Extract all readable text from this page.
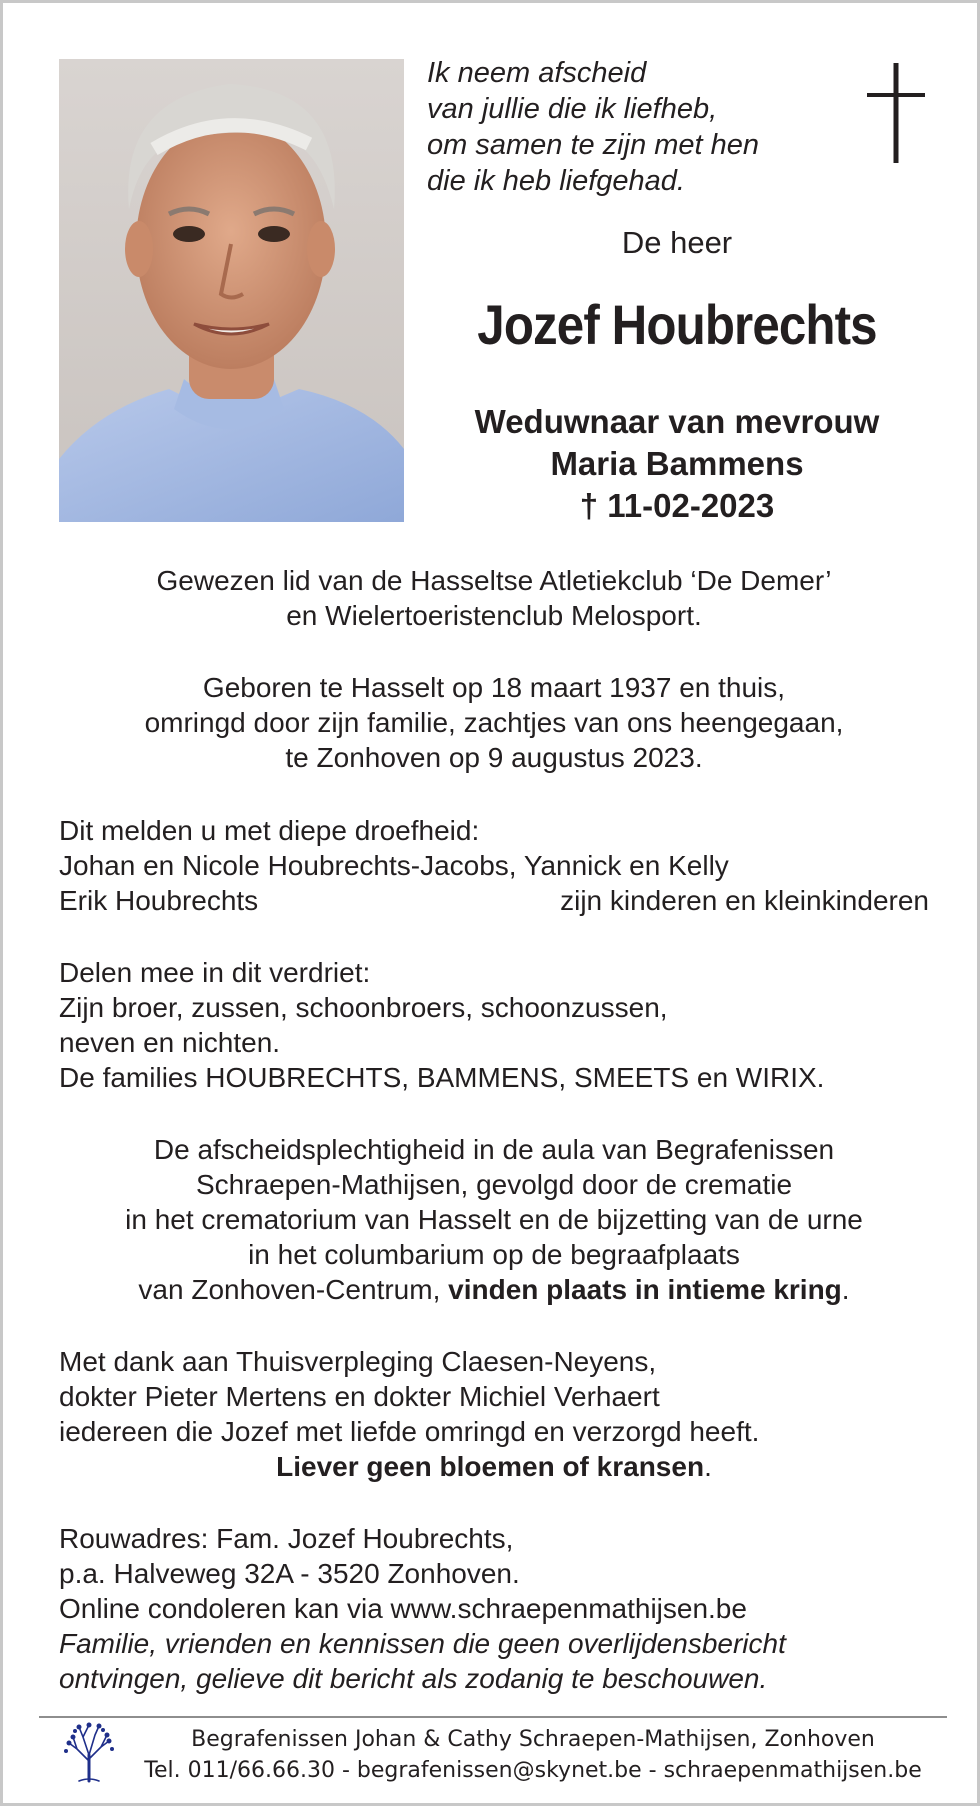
Ik neem afscheid
van jullie die ik liefheb,
om samen te zijn met hen
die ik heb liefgehad.
De heer
Jozef Houbrechts
Weduwnaar van mevrouw
Maria Bammens
† 11-02-2023
Gewezen lid van de Hasseltse Atletiekclub ‘De Demer’
en Wielertoeristenclub Melosport.
Geboren te Hasselt op 18 maart 1937 en thuis,
omringd door zijn familie, zachtjes van ons heengegaan,
te Zonhoven op 9 augustus 2023.
Dit melden u met diepe droefheid:
Johan en Nicole Houbrechts-Jacobs, Yannick en Kelly
Erik Houbrechts	zijn kinderen en kleinkinderen
Delen mee in dit verdriet:
Zijn broer, zussen, schoonbroers, schoonzussen,
neven en nichten.
De families HOUBRECHTS, BAMMENS, SMEETS en WIRIX.
De afscheidsplechtigheid in de aula van Begrafenissen
Schraepen-Mathijsen, gevolgd door de crematie
in het crematorium van Hasselt en de bijzetting van de urne
in het columbarium op de begraafplaats
van Zonhoven-Centrum, vinden plaats in intieme kring.
Met dank aan Thuisverpleging Claesen-Neyens,
dokter Pieter Mertens en dokter Michiel Verhaert
iedereen die Jozef met liefde omringd en verzorgd heeft.
Liever geen bloemen of kransen.
Rouwadres: Fam. Jozef Houbrechts,
p.a. Halveweg 32A - 3520 Zonhoven.
Online condoleren kan via www.schraepenmathijsen.be
Familie, vrienden en kennissen die geen overlijdensbericht
ontvingen, gelieve dit bericht als zodanig te beschouwen.
Begrafenissen Johan & Cathy Schraepen-Mathijsen, Zonhoven
Tel. 011/66.66.30 - begrafenissen@skynet.be - schraepenmathijsen.be
